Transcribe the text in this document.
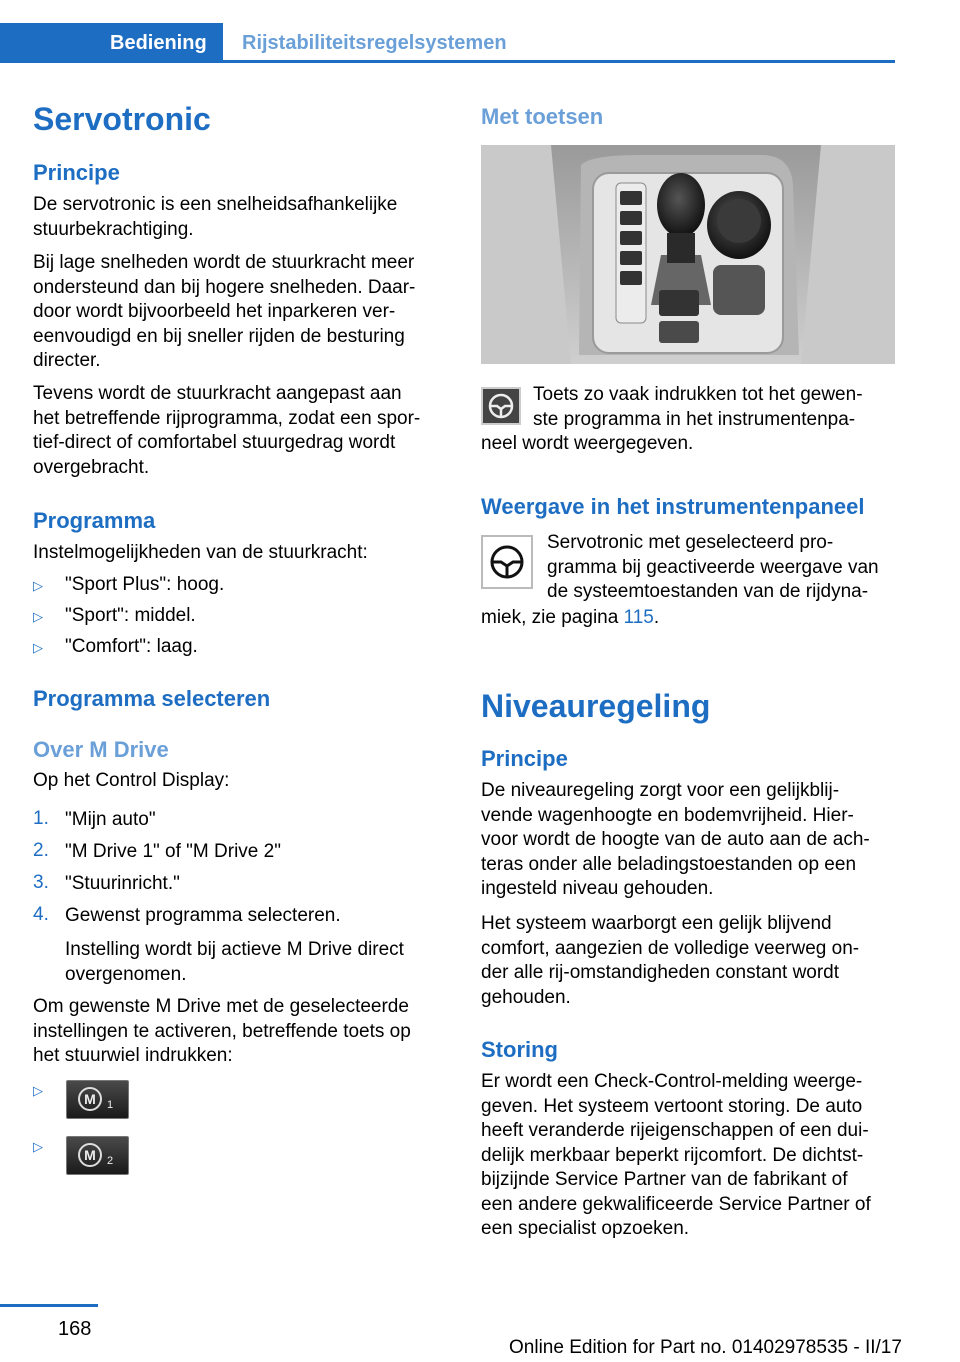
Bediening	Rijstabiliteitsregelsystemen
Servotronic
Principe
De servotronic is een snelheidsafhankelijke
stuurbekrachtiging.
Bij lage snelheden wordt de stuurkracht meer
ondersteund dan bij hogere snelheden. Daar‐
door wordt bijvoorbeeld het inparkeren ver‐
eenvoudigd en bij sneller rijden de besturing
directer.
Tevens wordt de stuurkracht aangepast aan
het betreffende rijprogramma, zodat een spor‐
tief-direct of comfortabel stuurgedrag wordt
overgebracht.
Programma
Instelmogelijkheden van de stuurkracht:
▷ "Sport Plus": hoog.
▷ "Sport": middel.
▷ "Comfort": laag.
Programma selecteren
Over M Drive
Op het Control Display:
1. "Mijn auto"
2. "M Drive 1" of "M Drive 2"
3. "Stuurinricht."
4. Gewenst programma selecteren.
Instelling wordt bij actieve M Drive direct
overgenomen.
Om gewenste M Drive met de geselecteerde
instellingen te activeren, betreffende toets op
het stuurwiel indrukken:
▷
M 1
▷
M 2
Met toetsen
Toets zo vaak indrukken tot het gewen‐
ste programma in het instrumentenpa‐
neel wordt weergegeven.
Weergave in het instrumentenpaneel
Servotronic met geselecteerd pro‐
gramma bij geactiveerde weergave van
de systeemtoestanden van de rijdyna‐
miek, zie pagina 115.
Niveauregeling
Principe
De niveauregeling zorgt voor een gelijkblij‐
vende wagenhoogte en bodemvrijheid. Hier‐
voor wordt de hoogte van de auto aan de ach‐
teras onder alle beladingstoestanden op een
ingesteld niveau gehouden.
Het systeem waarborgt een gelijk blijvend
comfort, aangezien de volledige veerweg on‐
der alle rij-omstandigheden constant wordt
gehouden.
Storing
Er wordt een Check-Control-melding weerge‐
geven. Het systeem vertoont storing. De auto
heeft veranderde rijeigenschappen of een dui‐
delijk merkbaar beperkt rijcomfort. De dichtst‐
bijzijnde Service Partner van de fabrikant of
een andere gekwalificeerde Service Partner of
een specialist opzoeken.
168
Online Edition for Part no. 01402978535 - II/17
